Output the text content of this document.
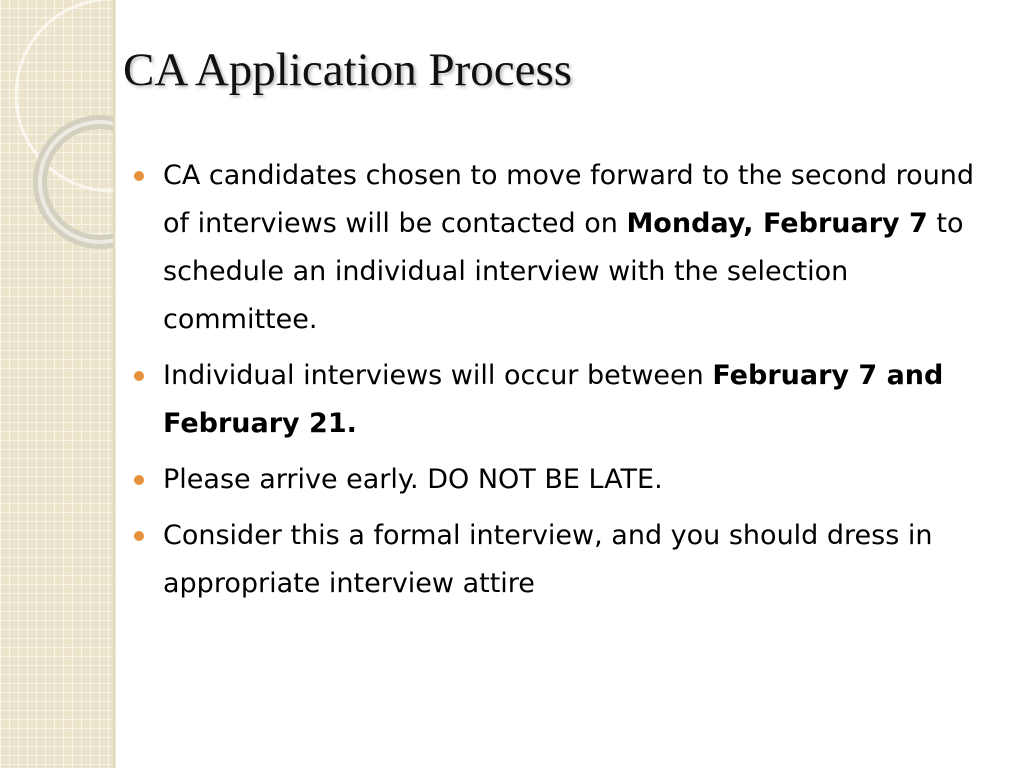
CA Application Process
CA candidates chosen to move forward to the second round of interviews will be contacted on Monday, February 7 to schedule an individual interview with the selection committee.
Individual interviews will occur between February 7 and February 21.
Please arrive early. DO NOT BE LATE.
Consider this a formal interview, and you should dress in appropriate interview attire
